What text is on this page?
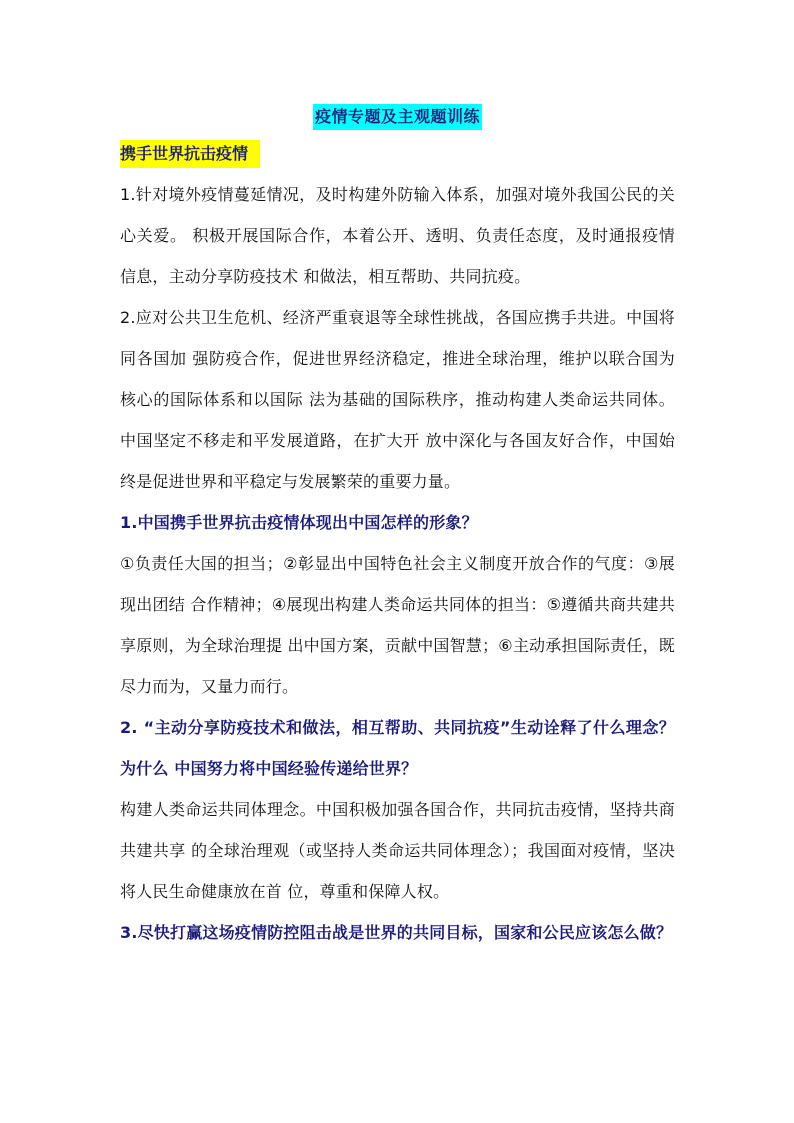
疫情专题及主观题训练
携手世界抗击疫情

1.针对境外疫情蔓延情况，及时构建外防输入体系，加强对境外我国公民的关心关爱。 积极开展国际合作，本着公开、透明、负责任态度，及时通报疫情信息，主动分享防疫技术 和做法，相互帮助、共同抗疫。

2.应对公共卫生危机、经济严重衰退等全球性挑战，各国应携手共进。中国将同各国加 强防疫合作，促进世界经济稳定，推进全球治理，维护以联合国为核心的国际体系和以国际 法为基础的国际秩序，推动构建人类命运共同体。中国坚定不移走和平发展道路，在扩大开 放中深化与各国友好合作，中国始终是促进世界和平稳定与发展繁荣的重要力量。

1.中国携手世界抗击疫情体现出中国怎样的形象？

①负责任大国的担当；②彰显出中国特色社会主义制度开放合作的气度：③展现出团结 合作精神；④展现出构建人类命运共同体的担当：⑤遵循共商共建共享原则，为全球治理提 出中国方案，贡献中国智慧；⑥主动承担国际责任，既尽力而为，又量力而行。

2. “主动分享防疫技术和做法，相互帮助、共同抗疫”生动诠释了什么理念？为什么 中国努力将中国经验传递给世界？

构建人类命运共同体理念。中国积极加强各国合作，共同抗击疫情，坚持共商共建共享 的全球治理观（或坚持人类命运共同体理念）；我国面对疫情，坚决将人民生命健康放在首 位，尊重和保障人权。

3.尽快打赢这场疫情防控阻击战是世界的共同目标，国家和公民应该怎么做？
